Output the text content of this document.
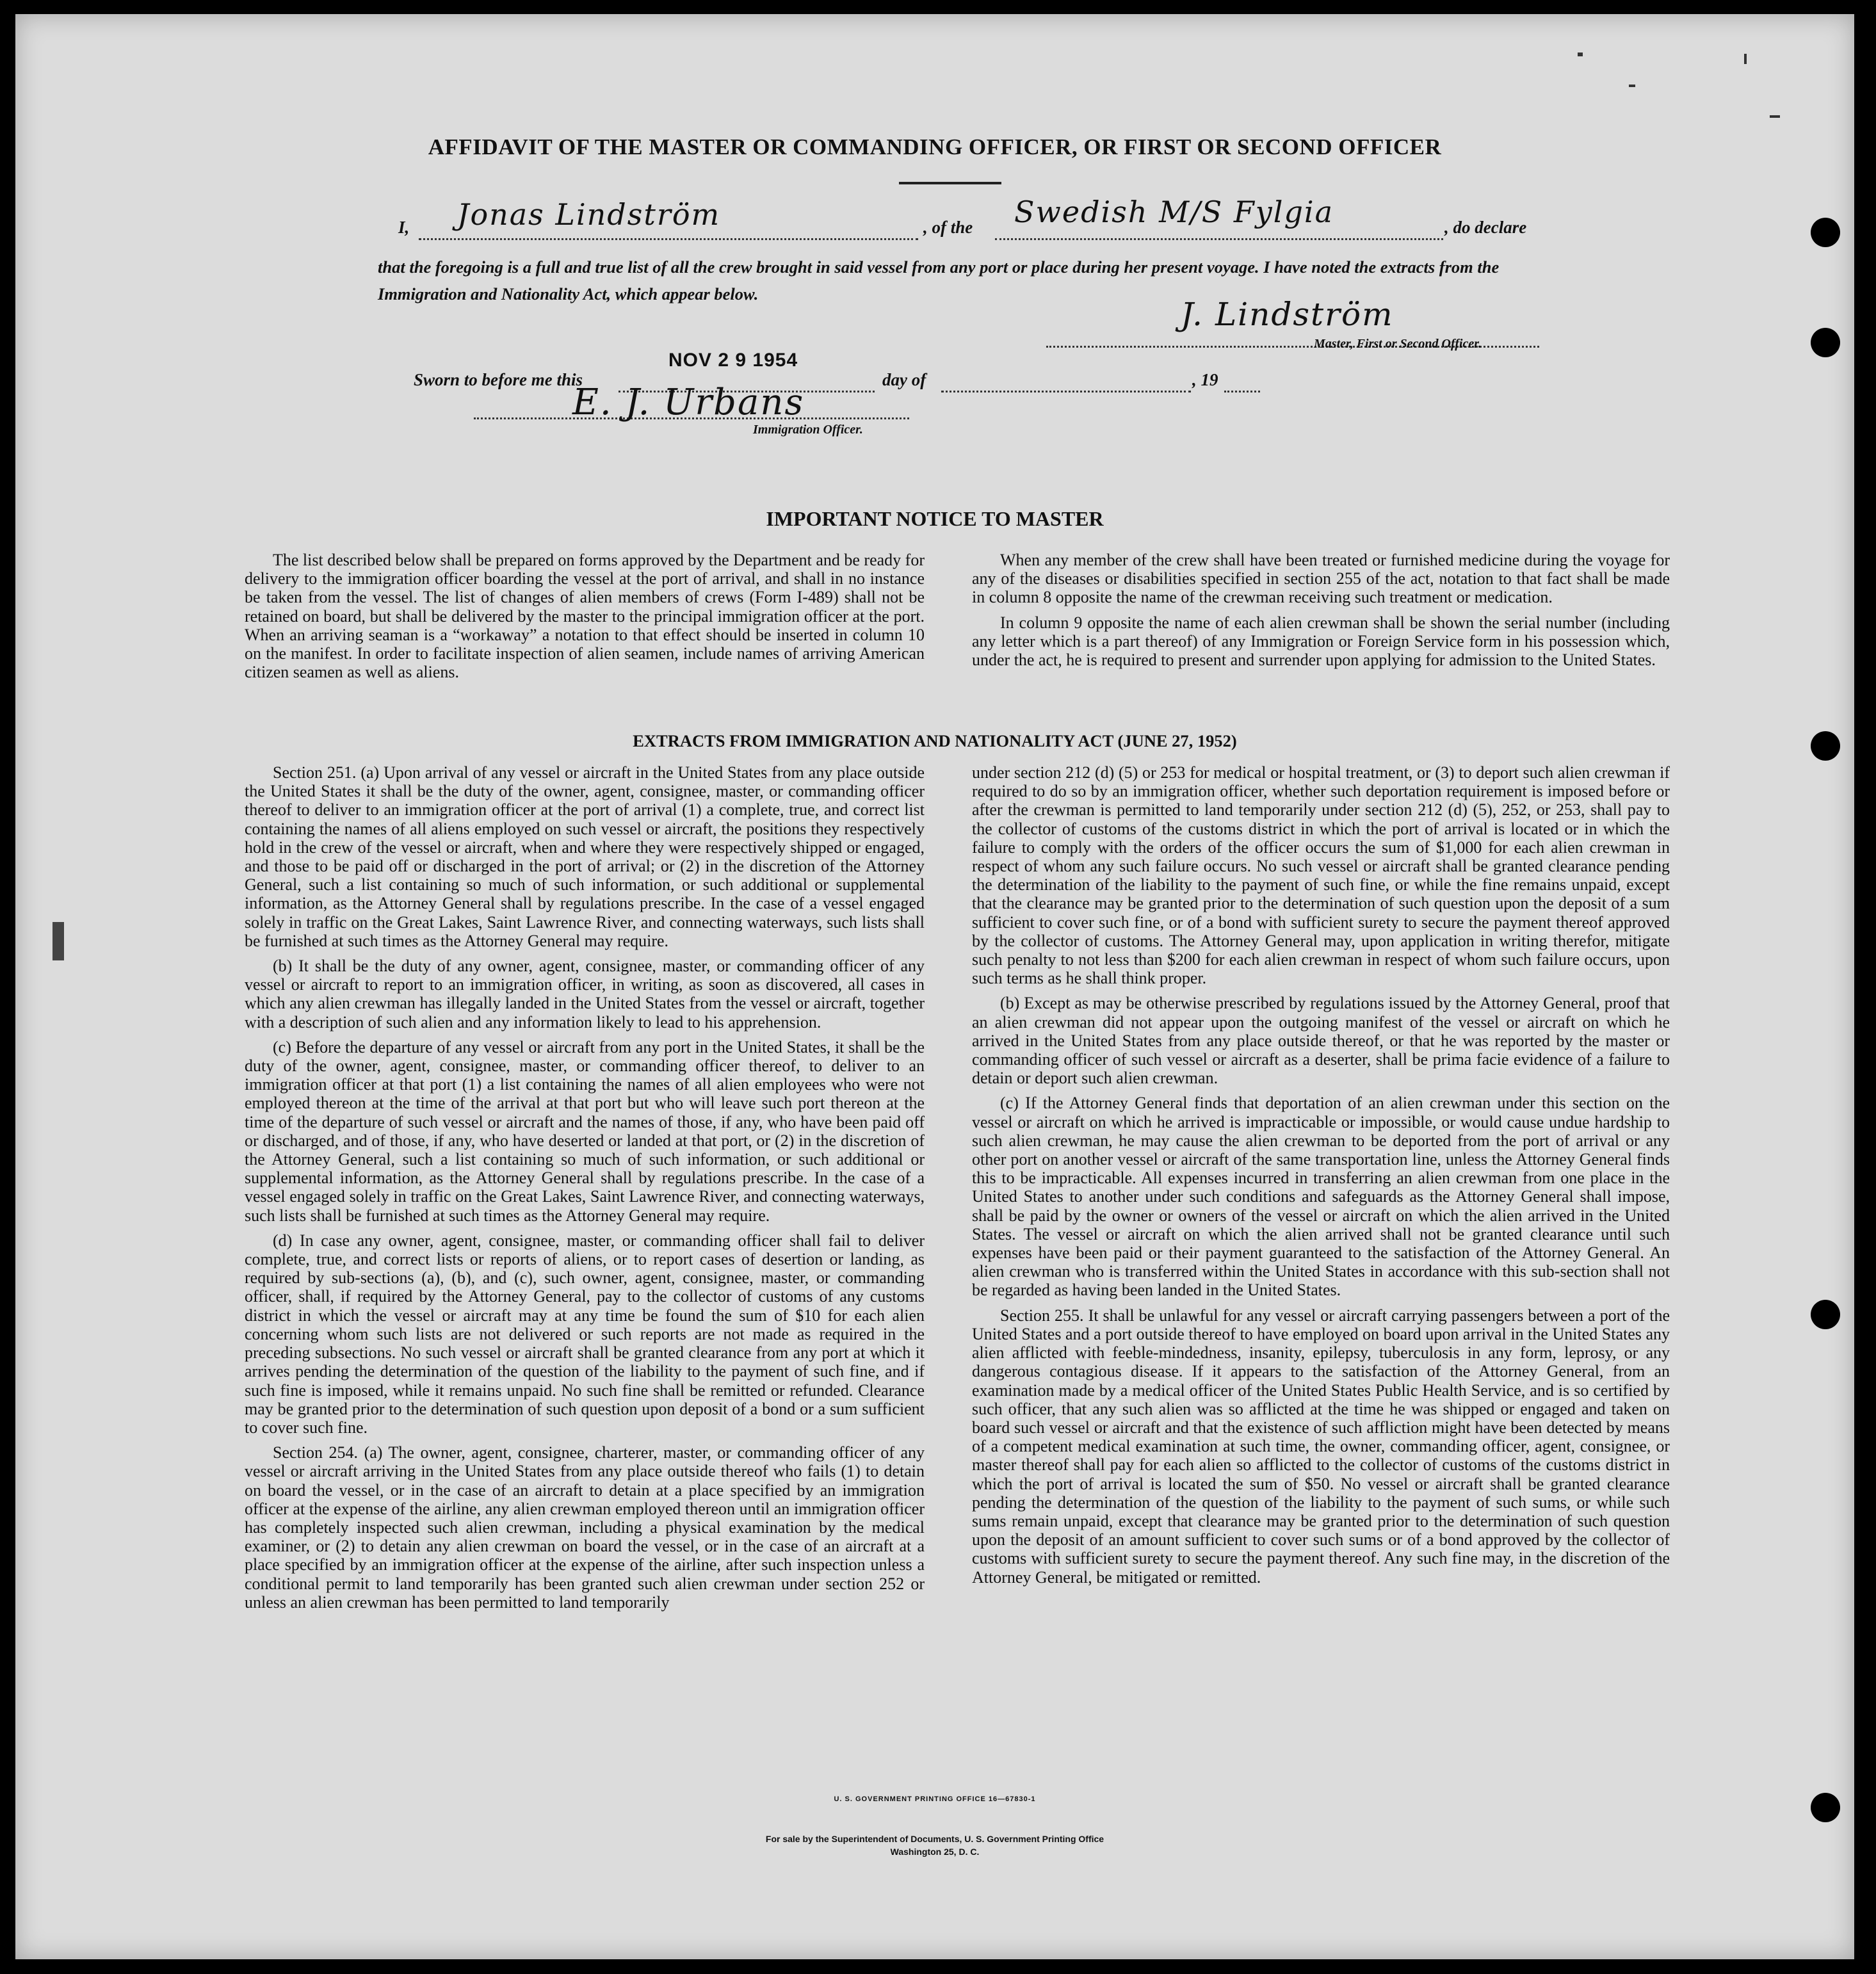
AFFIDAVIT OF THE MASTER OR COMMANDING OFFICER, OR FIRST OR SECOND OFFICER
I, Jonas Lindström	, of the Swedish M/S Fylgia	, do declare
that the foregoing is a full and true list of all the crew brought in said vessel from any port or place during her present voyage. I have noted the extracts from the Immigration and Nationality Act, which appear below.
J. Lindström
Master, First or Second Officer.
NOV 2 9 1954
Sworn to before me this	day of	, 19
E. J. Urbans
Immigration Officer.
IMPORTANT NOTICE TO MASTER

The list described below shall be prepared on forms approved by the Department and be ready for delivery to the immigration officer boarding the vessel at the port of arrival, and shall in no instance be taken from the vessel. The list of changes of alien members of crews (Form I-489) shall not be retained on board, but shall be delivered by the master to the principal immigration officer at the port. When an arriving seaman is a “workaway” a notation to that effect should be inserted in column 10 on the manifest. In order to facilitate inspection of alien seamen, include names of arriving American citizen seamen as well as aliens.

When any member of the crew shall have been treated or furnished medicine during the voyage for any of the diseases or disabilities specified in section 255 of the act, notation to that fact shall be made in column 8 opposite the name of the crewman receiving such treatment or medication.

In column 9 opposite the name of each alien crewman shall be shown the serial number (including any letter which is a part thereof) of any Immigration or Foreign Service form in his possession which, under the act, he is required to present and surrender upon applying for admission to the United States.

EXTRACTS FROM IMMIGRATION AND NATIONALITY ACT (JUNE 27, 1952)

Section 251. (a) Upon arrival of any vessel or aircraft in the United States from any place outside the United States it shall be the duty of the owner, agent, consignee, master, or commanding officer thereof to deliver to an immigration officer at the port of arrival (1) a complete, true, and correct list containing the names of all aliens employed on such vessel or aircraft, the positions they respectively hold in the crew of the vessel or aircraft, when and where they were respectively shipped or engaged, and those to be paid off or discharged in the port of arrival; or (2) in the discretion of the Attorney General, such a list containing so much of such information, or such additional or supplemental information, as the Attorney General shall by regulations prescribe. In the case of a vessel engaged solely in traffic on the Great Lakes, Saint Lawrence River, and connecting waterways, such lists shall be furnished at such times as the Attorney General may require.

(b) It shall be the duty of any owner, agent, consignee, master, or commanding officer of any vessel or aircraft to report to an immigration officer, in writing, as soon as discovered, all cases in which any alien crewman has illegally landed in the United States from the vessel or aircraft, together with a description of such alien and any information likely to lead to his apprehension.

(c) Before the departure of any vessel or aircraft from any port in the United States, it shall be the duty of the owner, agent, consignee, master, or commanding officer thereof, to deliver to an immigration officer at that port (1) a list containing the names of all alien employees who were not employed thereon at the time of the arrival at that port but who will leave such port thereon at the time of the departure of such vessel or aircraft and the names of those, if any, who have been paid off or discharged, and of those, if any, who have deserted or landed at that port, or (2) in the discretion of the Attorney General, such a list containing so much of such information, or such additional or supplemental information, as the Attorney General shall by regulations prescribe. In the case of a vessel engaged solely in traffic on the Great Lakes, Saint Lawrence River, and connecting waterways, such lists shall be furnished at such times as the Attorney General may require.

(d) In case any owner, agent, consignee, master, or commanding officer shall fail to deliver complete, true, and correct lists or reports of aliens, or to report cases of desertion or landing, as required by sub-sections (a), (b), and (c), such owner, agent, consignee, master, or commanding officer, shall, if required by the Attorney General, pay to the collector of customs of any customs district in which the vessel or aircraft may at any time be found the sum of $10 for each alien concerning whom such lists are not delivered or such reports are not made as required in the preceding subsections. No such vessel or aircraft shall be granted clearance from any port at which it arrives pending the determination of the question of the liability to the payment of such fine, and if such fine is imposed, while it remains unpaid. No such fine shall be remitted or refunded. Clearance may be granted prior to the determination of such question upon deposit of a bond or a sum sufficient to cover such fine.

Section 254. (a) The owner, agent, consignee, charterer, master, or commanding officer of any vessel or aircraft arriving in the United States from any place outside thereof who fails (1) to detain on board the vessel, or in the case of an aircraft to detain at a place specified by an immigration officer at the expense of the airline, any alien crewman employed thereon until an immigration officer has completely inspected such alien crewman, including a physical examination by the medical examiner, or (2) to detain any alien crewman on board the vessel, or in the case of an aircraft at a place specified by an immigration officer at the expense of the airline, after such inspection unless a conditional permit to land temporarily has been granted such alien crewman under section 252 or unless an alien crewman has been permitted to land temporarily

under section 212 (d) (5) or 253 for medical or hospital treatment, or (3) to deport such alien crewman if required to do so by an immigration officer, whether such deportation requirement is imposed before or after the crewman is permitted to land temporarily under section 212 (d) (5), 252, or 253, shall pay to the collector of customs of the customs district in which the port of arrival is located or in which the failure to comply with the orders of the officer occurs the sum of $1,000 for each alien crewman in respect of whom any such failure occurs. No such vessel or aircraft shall be granted clearance pending the determination of the liability to the payment of such fine, or while the fine remains unpaid, except that the clearance may be granted prior to the determination of such question upon the deposit of a sum sufficient to cover such fine, or of a bond with sufficient surety to secure the payment thereof approved by the collector of customs. The Attorney General may, upon application in writing therefor, mitigate such penalty to not less than $200 for each alien crewman in respect of whom such failure occurs, upon such terms as he shall think proper.

(b) Except as may be otherwise prescribed by regulations issued by the Attorney General, proof that an alien crewman did not appear upon the outgoing manifest of the vessel or aircraft on which he arrived in the United States from any place outside thereof, or that he was reported by the master or commanding officer of such vessel or aircraft as a deserter, shall be prima facie evidence of a failure to detain or deport such alien crewman.

(c) If the Attorney General finds that deportation of an alien crewman under this section on the vessel or aircraft on which he arrived is impracticable or impossible, or would cause undue hardship to such alien crewman, he may cause the alien crewman to be deported from the port of arrival or any other port on another vessel or aircraft of the same transportation line, unless the Attorney General finds this to be impracticable. All expenses incurred in transferring an alien crewman from one place in the United States to another under such conditions and safeguards as the Attorney General shall impose, shall be paid by the owner or owners of the vessel or aircraft on which the alien arrived in the United States. The vessel or aircraft on which the alien arrived shall not be granted clearance until such expenses have been paid or their payment guaranteed to the satisfaction of the Attorney General. An alien crewman who is transferred within the United States in accordance with this sub-section shall not be regarded as having been landed in the United States.

Section 255. It shall be unlawful for any vessel or aircraft carrying passengers between a port of the United States and a port outside thereof to have employed on board upon arrival in the United States any alien afflicted with feeble-mindedness, insanity, epilepsy, tuberculosis in any form, leprosy, or any dangerous contagious disease. If it appears to the satisfaction of the Attorney General, from an examination made by a medical officer of the United States Public Health Service, and is so certified by such officer, that any such alien was so afflicted at the time he was shipped or engaged and taken on board such vessel or aircraft and that the existence of such affliction might have been detected by means of a competent medical examination at such time, the owner, commanding officer, agent, consignee, or master thereof shall pay for each alien so afflicted to the collector of customs of the customs district in which the port of arrival is located the sum of $50. No vessel or aircraft shall be granted clearance pending the determination of the question of the liability to the payment of such sums, or while such sums remain unpaid, except that clearance may be granted prior to the determination of such question upon the deposit of an amount sufficient to cover such sums or of a bond approved by the collector of customs with sufficient surety to secure the payment thereof. Any such fine may, in the discretion of the Attorney General, be mitigated or remitted.

U. S. GOVERNMENT PRINTING OFFICE 16—67830-1
For sale by the Superintendent of Documents, U. S. Government Printing Office
Washington 25, D. C.
